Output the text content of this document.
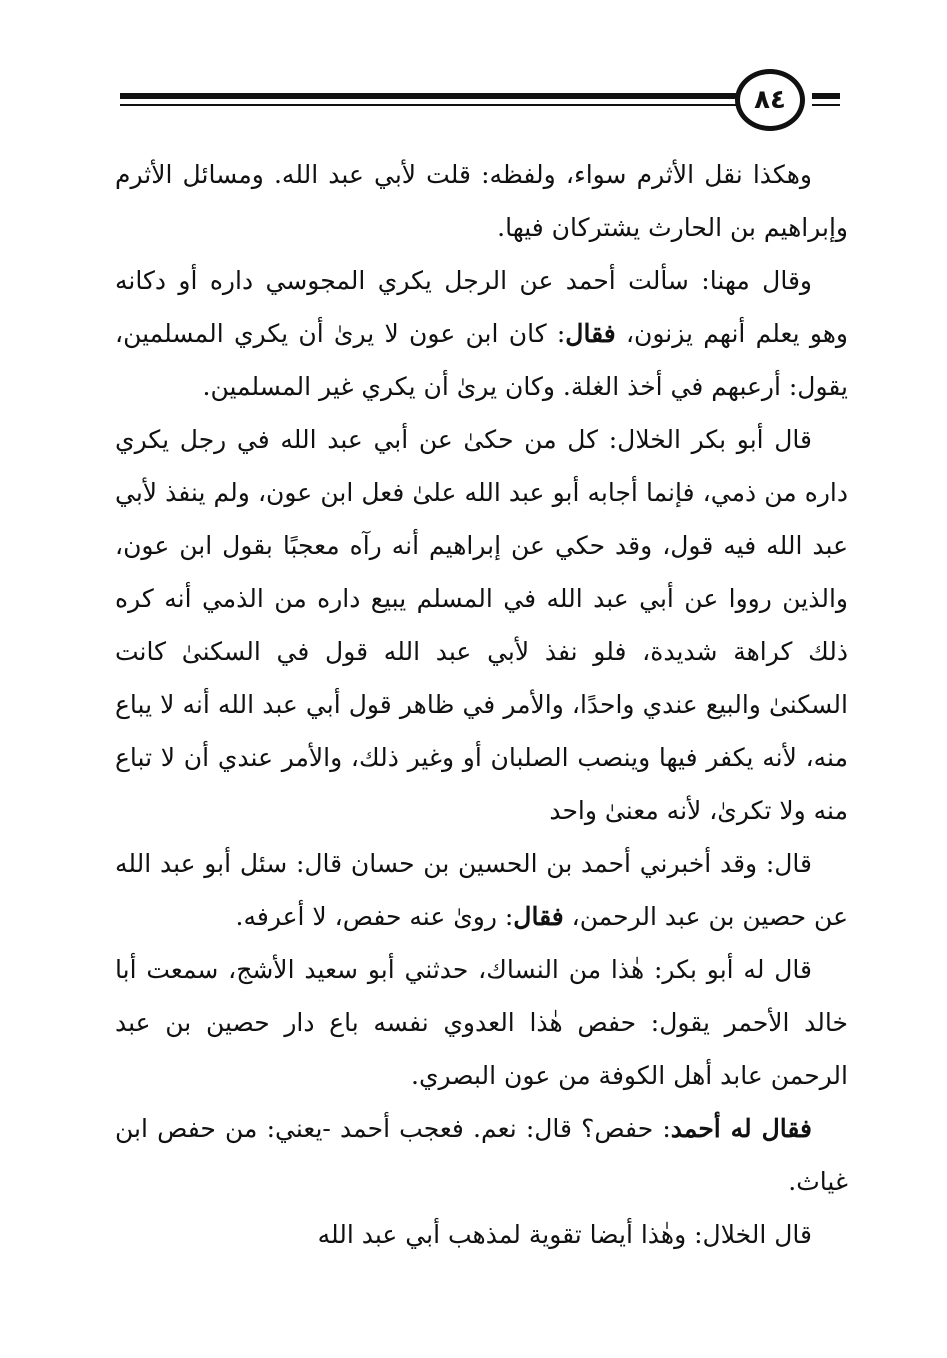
٨٤

وهكذا نقل الأثرم سواء، ولفظه: قلت لأبي عبد الله. ومسائل الأثرم وإبراهيم بن الحارث يشتركان فيها.

وقال مهنا: سألت أحمد عن الرجل يكري المجوسي داره أو دكانه وهو يعلم أنهم يزنون، فقال: كان ابن عون لا يرىٰ أن يكري المسلمين، يقول: أرعبهم في أخذ الغلة. وكان يرىٰ أن يكري غير المسلمين.

قال أبو بكر الخلال: كل من حكىٰ عن أبي عبد الله في رجل يكري داره من ذمي، فإنما أجابه أبو عبد الله علىٰ فعل ابن عون، ولم ينفذ لأبي عبد الله فيه قول، وقد حكي عن إبراهيم أنه رآه معجبًا بقول ابن عون، والذين رووا عن أبي عبد الله في المسلم يبيع داره من الذمي أنه كره ذلك كراهة شديدة، فلو نفذ لأبي عبد الله قول في السكنىٰ كانت السكنىٰ والبيع عندي واحدًا، والأمر في ظاهر قول أبي عبد الله أنه لا يباع منه، لأنه يكفر فيها وينصب الصلبان أو وغير ذلك، والأمر عندي أن لا تباع منه ولا تكرىٰ، لأنه معنىٰ واحد

قال: وقد أخبرني أحمد بن الحسين بن حسان قال: سئل أبو عبد الله عن حصين بن عبد الرحمن، فقال: روىٰ عنه حفص، لا أعرفه.

قال له أبو بكر: هٰذا من النساك، حدثني أبو سعيد الأشج، سمعت أبا خالد الأحمر يقول: حفص هٰذا العدوي نفسه باع دار حصين بن عبد الرحمن عابد أهل الكوفة من عون البصري.

فقال له أحمد: حفص؟ قال: نعم. فعجب أحمد -يعني: من حفص ابن غياث.

قال الخلال: وهٰذا أيضا تقوية لمذهب أبي عبد الله
